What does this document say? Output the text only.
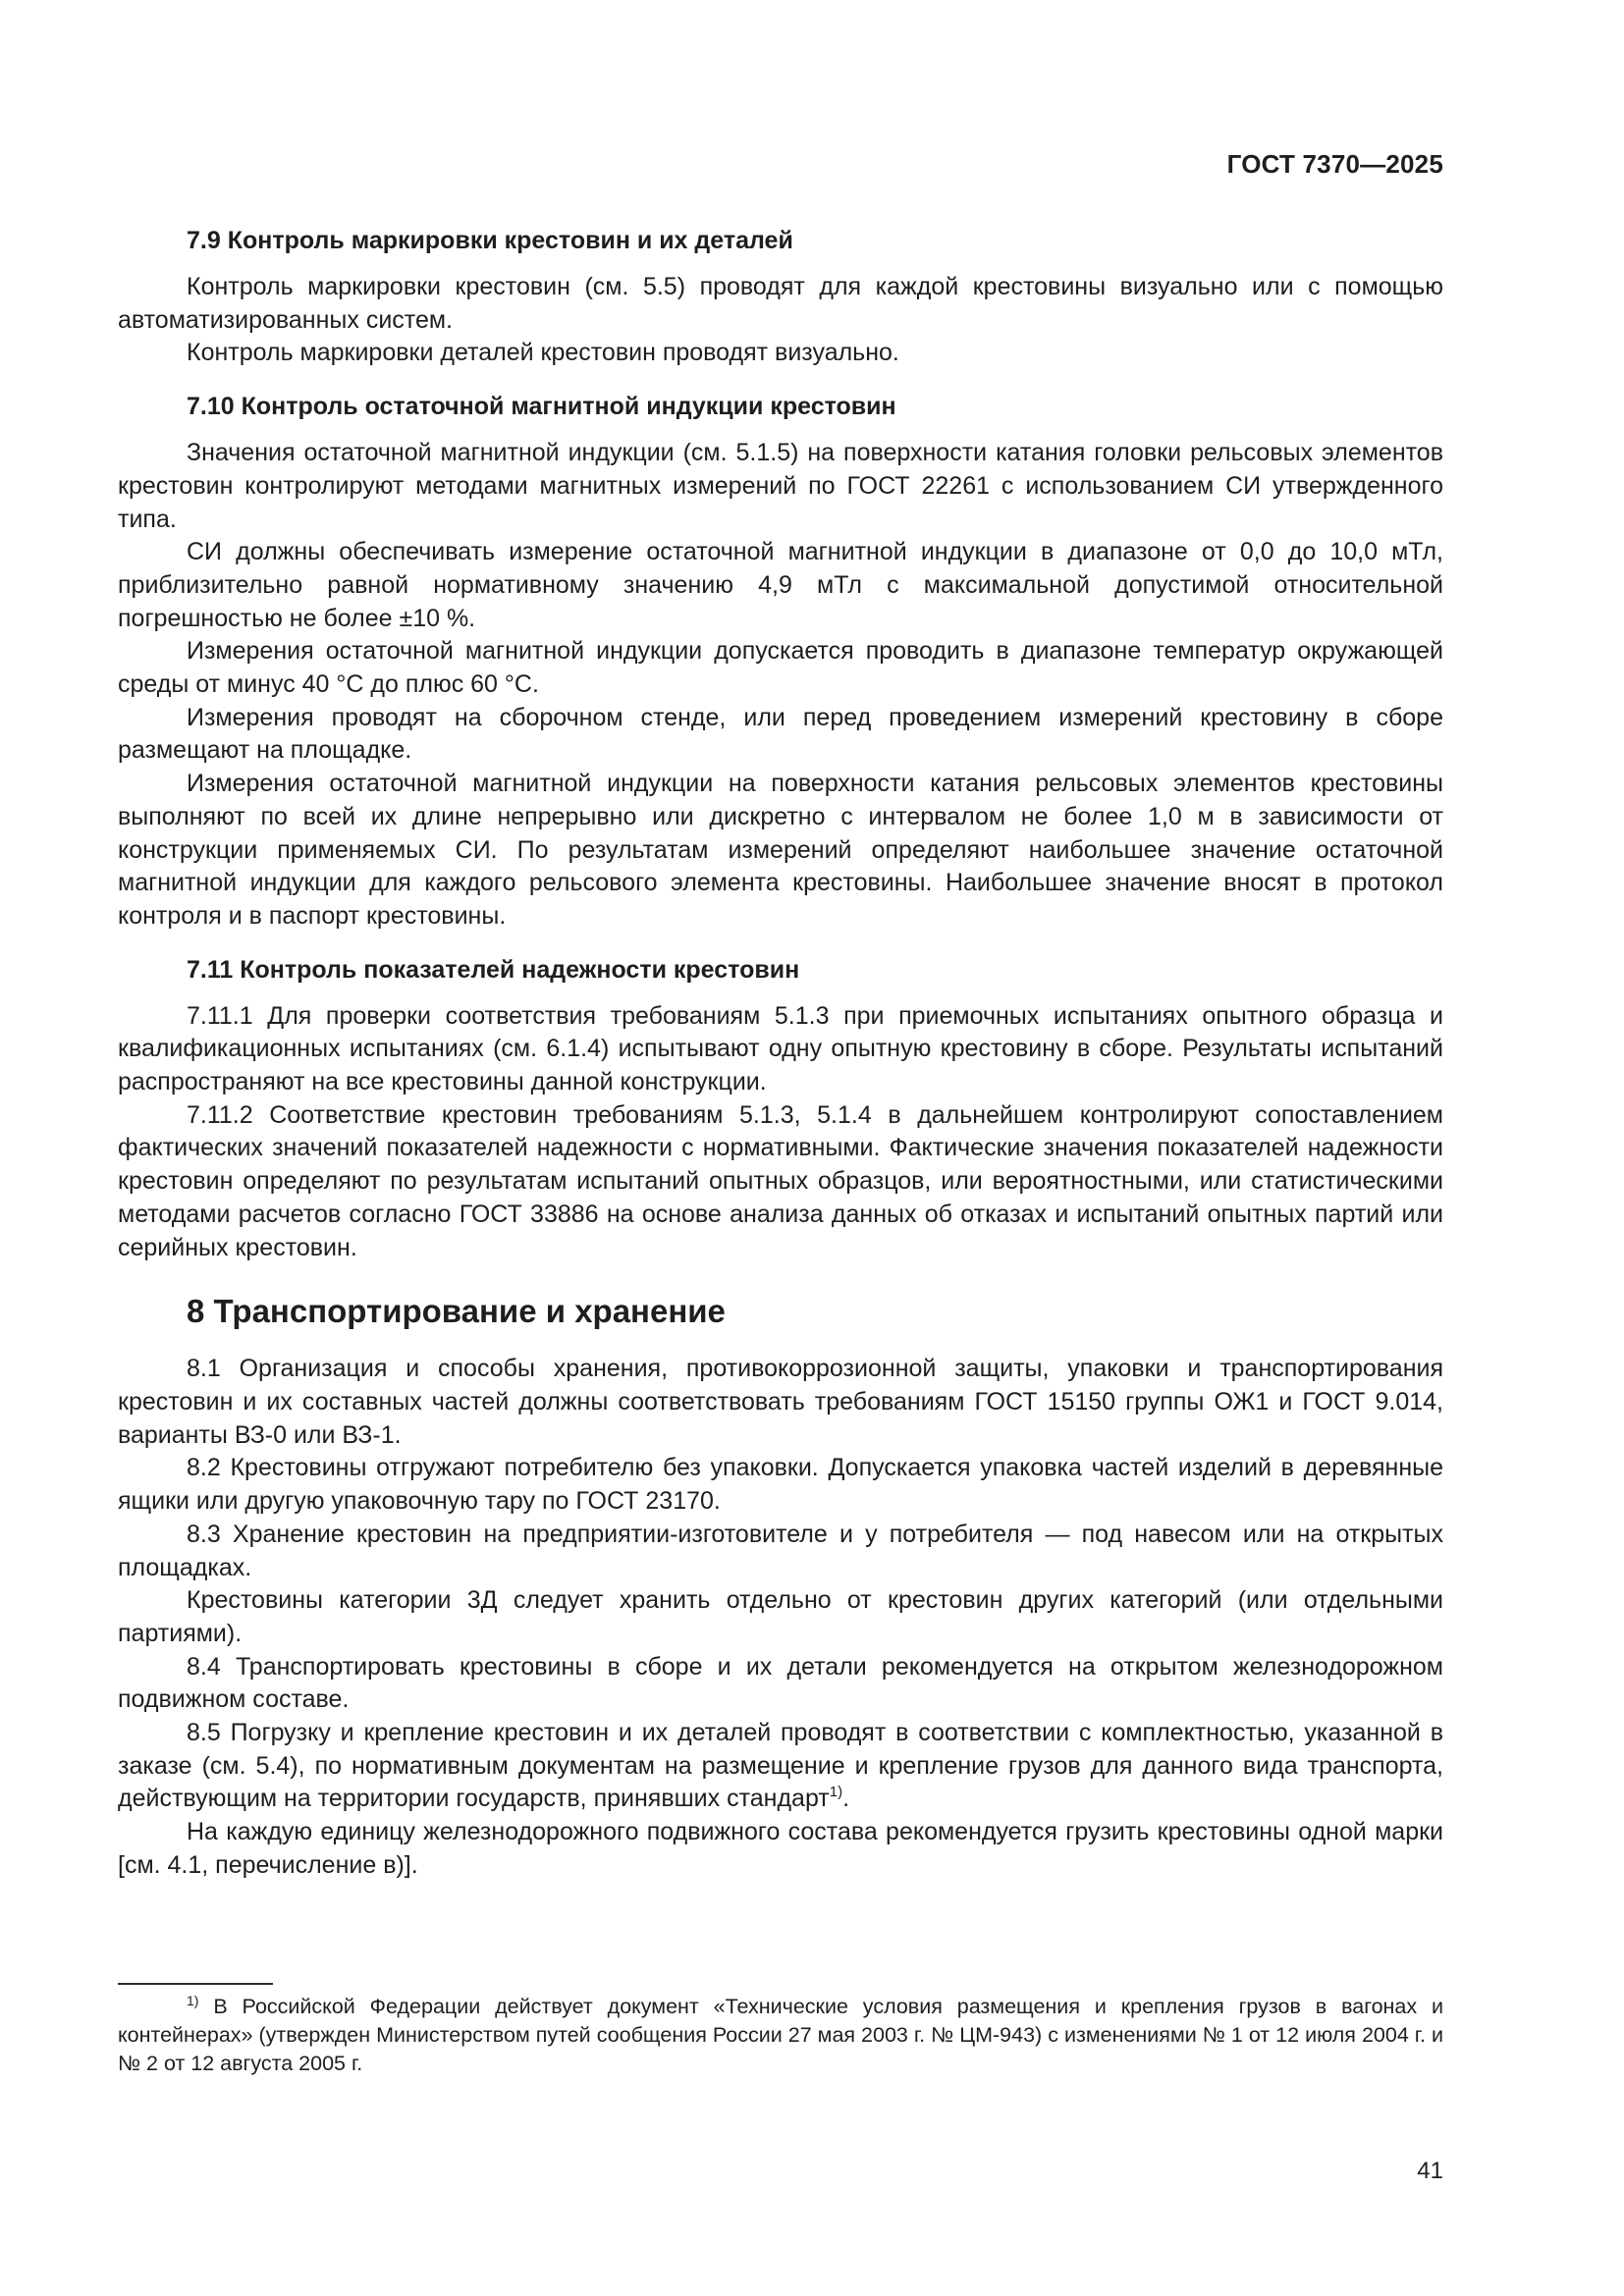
ГОСТ 7370—2025
7.9 Контроль маркировки крестовин и их деталей

Контроль маркировки крестовин (см. 5.5) проводят для каждой крестовины визуально или с помощью автоматизированных систем.

Контроль маркировки деталей крестовин проводят визуально.

7.10 Контроль остаточной магнитной индукции крестовин

Значения остаточной магнитной индукции (см. 5.1.5) на поверхности катания головки рельсовых элементов крестовин контролируют методами магнитных измерений по ГОСТ 22261 с использованием СИ утвержденного типа.

СИ должны обеспечивать измерение остаточной магнитной индукции в диапазоне от 0,0 до 10,0 мТл, приблизительно равной нормативному значению 4,9 мТл с максимальной допустимой относительной погрешностью не более ±10 %.

Измерения остаточной магнитной индукции допускается проводить в диапазоне температур окружающей среды от минус 40 °C до плюс 60 °C.

Измерения проводят на сборочном стенде, или перед проведением измерений крестовину в сборе размещают на площадке.

Измерения остаточной магнитной индукции на поверхности катания рельсовых элементов крестовины выполняют по всей их длине непрерывно или дискретно с интервалом не более 1,0 м в зависимости от конструкции применяемых СИ. По результатам измерений определяют наибольшее значение остаточной магнитной индукции для каждого рельсового элемента крестовины. Наибольшее значение вносят в протокол контроля и в паспорт крестовины.

7.11 Контроль показателей надежности крестовин

7.11.1 Для проверки соответствия требованиям 5.1.3 при приемочных испытаниях опытного образца и квалификационных испытаниях (см. 6.1.4) испытывают одну опытную крестовину в сборе. Результаты испытаний распространяют на все крестовины данной конструкции.

7.11.2 Соответствие крестовин требованиям 5.1.3, 5.1.4 в дальнейшем контролируют сопоставлением фактических значений показателей надежности с нормативными. Фактические значения показателей надежности крестовин определяют по результатам испытаний опытных образцов, или вероятностными, или статистическими методами расчетов согласно ГОСТ 33886 на основе анализа данных об отказах и испытаний опытных партий или серийных крестовин.

8 Транспортирование и хранение

8.1 Организация и способы хранения, противокоррозионной защиты, упаковки и транспортирования крестовин и их составных частей должны соответствовать требованиям ГОСТ 15150 группы ОЖ1 и ГОСТ 9.014, варианты ВЗ-0 или ВЗ-1.

8.2 Крестовины отгружают потребителю без упаковки. Допускается упаковка частей изделий в деревянные ящики или другую упаковочную тару по ГОСТ 23170.

8.3 Хранение крестовин на предприятии-изготовителе и у потребителя — под навесом или на открытых площадках.

Крестовины категории 3Д следует хранить отдельно от крестовин других категорий (или отдельными партиями).

8.4 Транспортировать крестовины в сборе и их детали рекомендуется на открытом железнодорожном подвижном составе.

8.5 Погрузку и крепление крестовин и их деталей проводят в соответствии с комплектностью, указанной в заказе (см. 5.4), по нормативным документам на размещение и крепление грузов для данного вида транспорта, действующим на территории государств, принявших стандарт$^{1)}$.

На каждую единицу железнодорожного подвижного состава рекомендуется грузить крестовины одной марки [см. 4.1, перечисление в)].

$^{1)}$ В Российской Федерации действует документ «Технические условия размещения и крепления грузов в вагонах и контейнерах» (утвержден Министерством путей сообщения России 27 мая 2003 г. № ЦМ-943) с изменениями № 1 от 12 июля 2004 г. и № 2 от 12 августа 2005 г.
41
